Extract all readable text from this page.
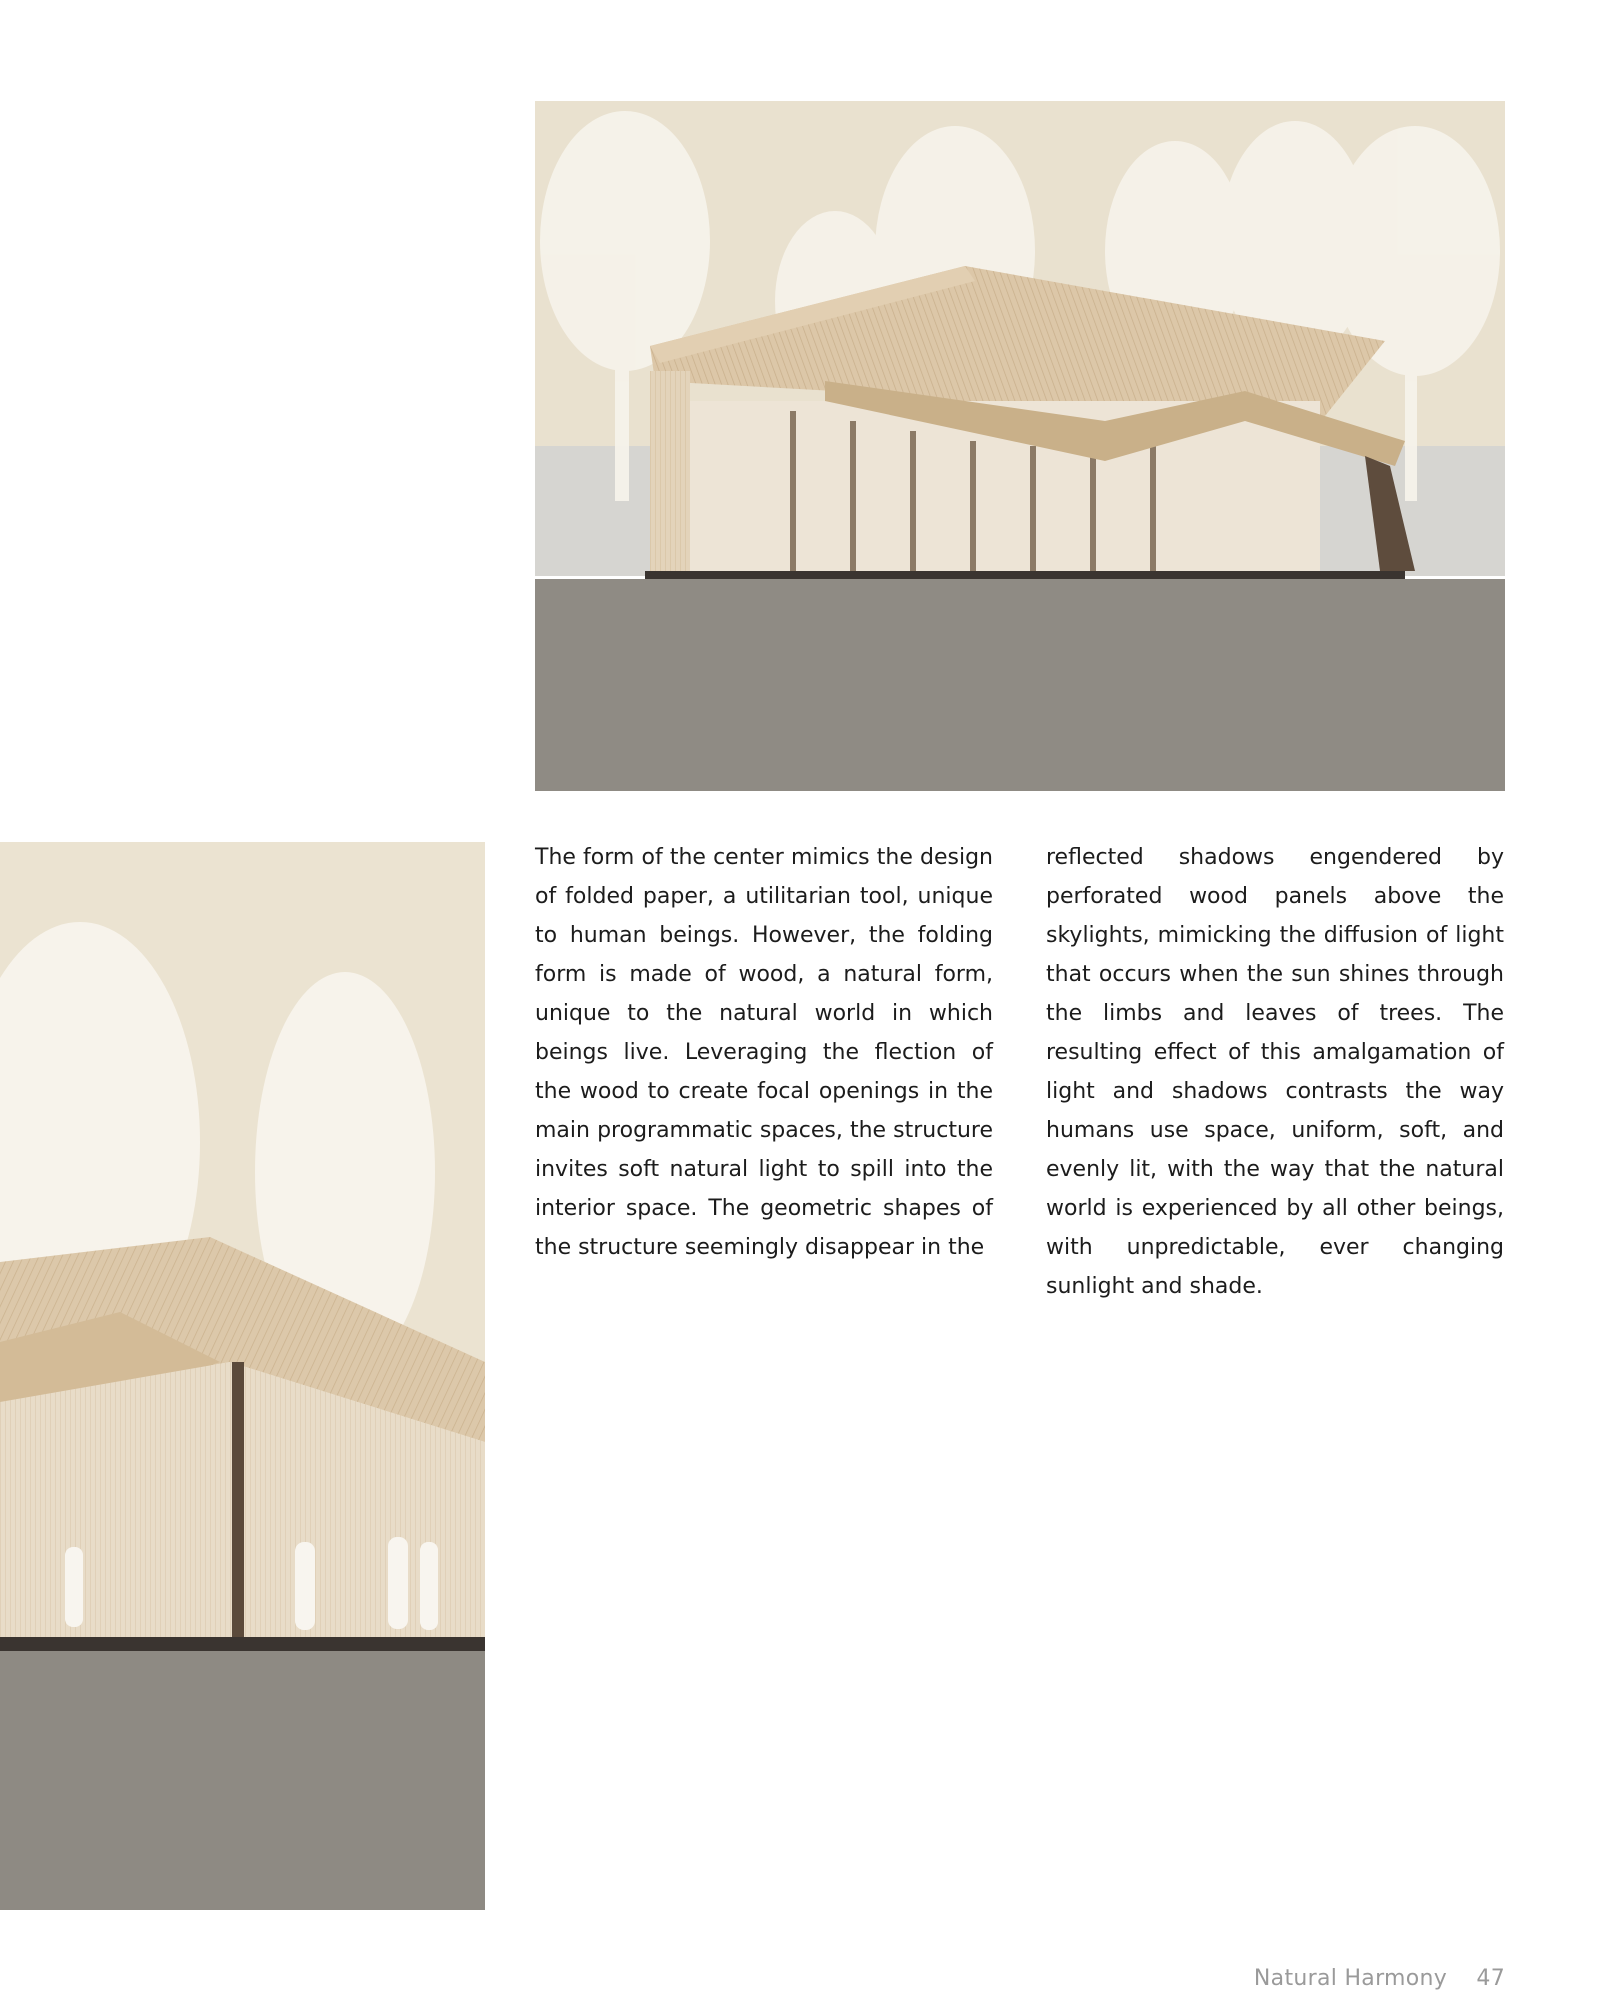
The form of the center mimics the design of folded paper, a utilitarian tool, unique to human beings. However, the folding form is made of wood, a natural form, unique to the natural world in which beings live. Leveraging the flection of the wood to create focal openings in the main programmatic spaces, the structure invites soft natural light to spill into the interior space. The geometric shapes of the structure seemingly disappear in the

reflected shadows engendered by perforated wood panels above the skylights, mimicking the diffusion of light that occurs when the sun shines through the limbs and leaves of trees. The resulting effect of this amalgamation of light and shadows contrasts the way humans use space, uniform, soft, and evenly lit, with the way that the natural world is experienced by all other beings, with unpredictable, ever changing sunlight and shade.

Natural Harmony 47
